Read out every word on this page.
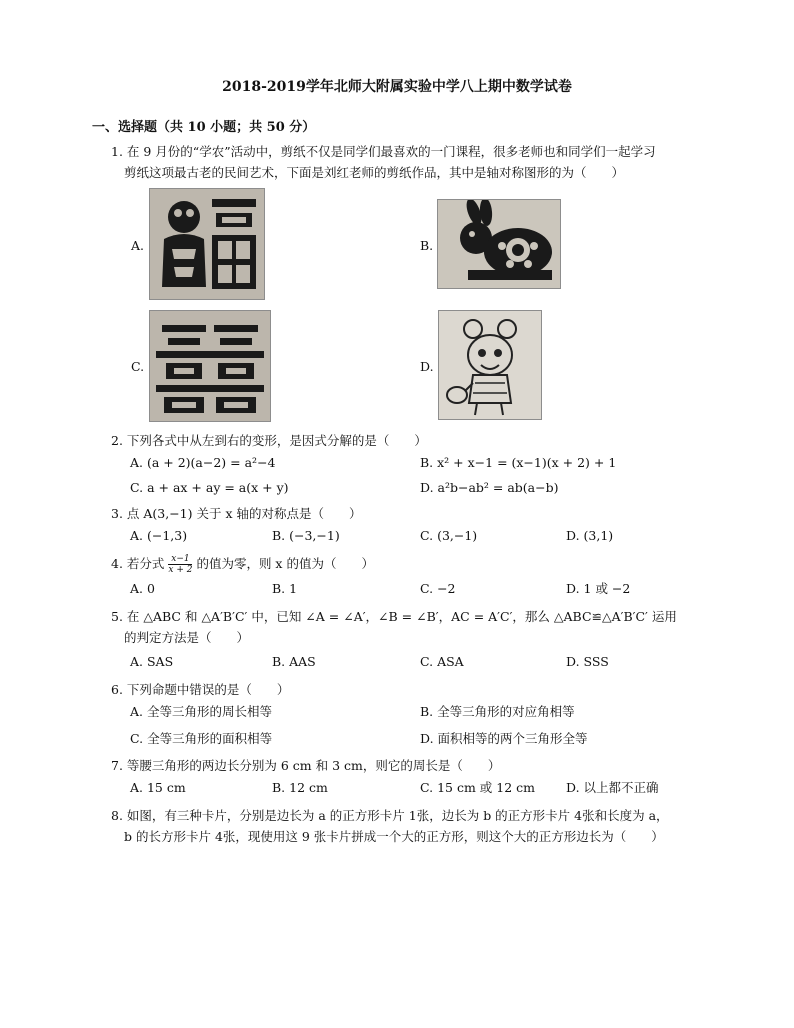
2018-2019学年北师大附属实验中学八上期中数学试卷
一、选择题（共 10 小题；共 50 分）
1. 在 9 月份的“学农”活动中，剪纸不仅是同学们最喜欢的一门课程，很多老师也和同学们一起学习
剪纸这项最古老的民间艺术，下面是刘红老师的剪纸作品，其中是轴对称图形的为（　　）
A.	B.
C.	D.
2. 下列各式中从左到右的变形，是因式分解的是（　　）
A. (a + 2)(a−2) = a²−4	B. x² + x−1 = (x−1)(x + 2) + 1
C. a + ax + ay = a(x + y)	D. a²b−ab² = ab(a−b)
3. 点 A(3,−1) 关于 x 轴的对称点是（　　）
A. (−1,3)	B. (−3,−1)	C. (3,−1)	D. (3,1)
4. 若分式 $\frac{x-1}{x + 2}$ 的值为零，则 x 的值为（　　）
A. 0	B. 1	C. −2	D. 1 或 −2
5. 在 △ABC 和 △A′B′C′ 中，已知 ∠A = ∠A′，∠B = ∠B′，AC = A′C′，那么 △ABC≌△A′B′C′ 运用
的判定方法是（　　）
A. SAS	B. AAS	C. ASA	D. SSS
6. 下列命题中错误的是（　　）
A. 全等三角形的周长相等	B. 全等三角形的对应角相等
C. 全等三角形的面积相等	D. 面积相等的两个三角形全等
7. 等腰三角形的两边长分别为 6 cm 和 3 cm，则它的周长是（　　）
A. 15 cm	B. 12 cm	C. 15 cm 或 12 cm D. 以上都不正确
8. 如图，有三种卡片，分别是边长为 a 的正方形卡片 1张，边长为 b 的正方形卡片 4张和长度为 a，
b 的长方形卡片 4张，现使用这 9 张卡片拼成一个大的正方形，则这个大的正方形边长为（　　）
